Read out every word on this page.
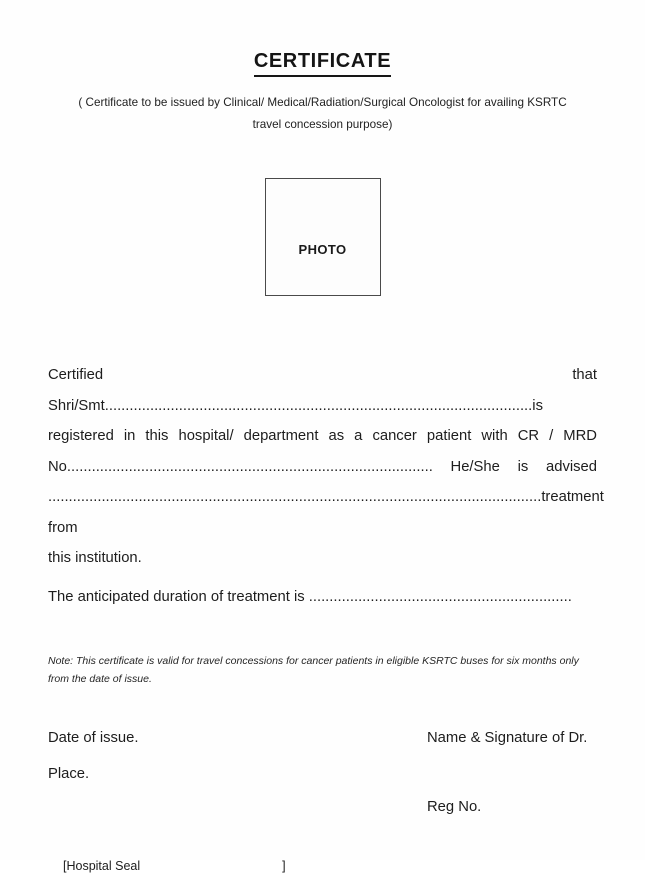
CERTIFICATE
( Certificate to be issued by Clinical/ Medical/Radiation/Surgical Oncologist for availing KSRTC
travel concession purpose)
PHOTO
Certified that Shri/Smt........................................................................................................is
registered in this hospital/ department as a cancer patient with CR / MRD
No......................................................................................... He/She is advised
........................................................................................................................treatment from
this institution.
The anticipated duration of treatment is ................................................................
Note: This certificate is valid for travel concessions for cancer patients in eligible KSRTC buses for six months only
from the date of issue.
Date of issue.	Name & Signature of Dr.
Place.
Reg No.
[Hospital Seal	]
